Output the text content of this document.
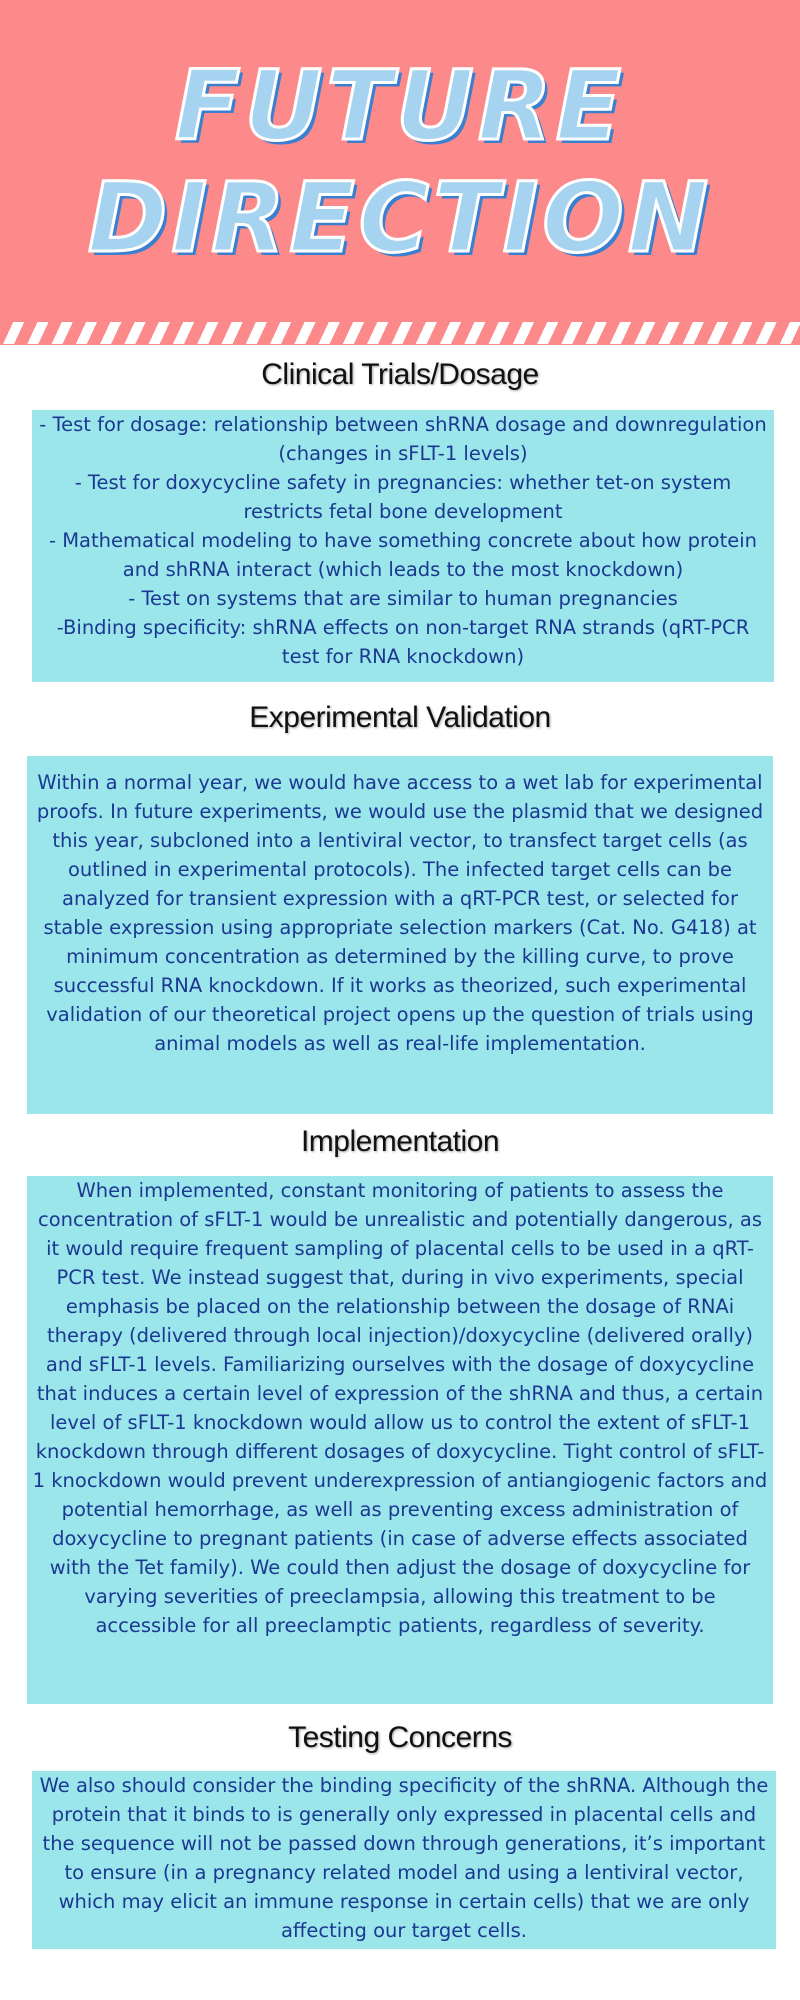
FUTURE
DIRECTION
Clinical Trials/Dosage

- Test for dosage: relationship between shRNA dosage and downregulation (changes in sFLT-1 levels)

- Test for doxycycline safety in pregnancies: whether tet-on system restricts fetal bone development

- Mathematical modeling to have something concrete about how protein and shRNA interact (which leads to the most knockdown)

- Test on systems that are similar to human pregnancies

-Binding specificity: shRNA effects on non-target RNA strands (qRT-PCR test for RNA knockdown)

Experimental Validation

Within a normal year, we would have access to a wet lab for experimental proofs. In future experiments, we would use the plasmid that we designed this year, subcloned into a lentiviral vector, to transfect target cells (as outlined in experimental protocols). The infected target cells can be analyzed for transient expression with a qRT-PCR test, or selected for stable expression using appropriate selection markers (Cat. No. G418) at minimum concentration as determined by the killing curve, to prove successful RNA knockdown. If it works as theorized, such experimental validation of our theoretical project opens up the question of trials using animal models as well as real-life implementation.

Implementation

When implemented, constant monitoring of patients to assess the concentration of sFLT-1 would be unrealistic and potentially dangerous, as it would require frequent sampling of placental cells to be used in a qRT-PCR test. We instead suggest that, during in vivo experiments, special emphasis be placed on the relationship between the dosage of RNAi therapy (delivered through local injection)/doxycycline (delivered orally) and sFLT-1 levels. Familiarizing ourselves with the dosage of doxycycline that induces a certain level of expression of the shRNA and thus, a certain level of sFLT-1 knockdown would allow us to control the extent of sFLT-1 knockdown through different dosages of doxycycline. Tight control of sFLT-1 knockdown would prevent underexpression of antiangiogenic factors and potential hemorrhage, as well as preventing excess administration of doxycycline to pregnant patients (in case of adverse effects associated with the Tet family). We could then adjust the dosage of doxycycline for varying severities of preeclampsia, allowing this treatment to be accessible for all preeclamptic patients, regardless of severity.

Testing Concerns

We also should consider the binding specificity of the shRNA. Although the protein that it binds to is generally only expressed in placental cells and the sequence will not be passed down through generations, it’s important to ensure (in a pregnancy related model and using a lentiviral vector, which may elicit an immune response in certain cells) that we are only affecting our target cells.
